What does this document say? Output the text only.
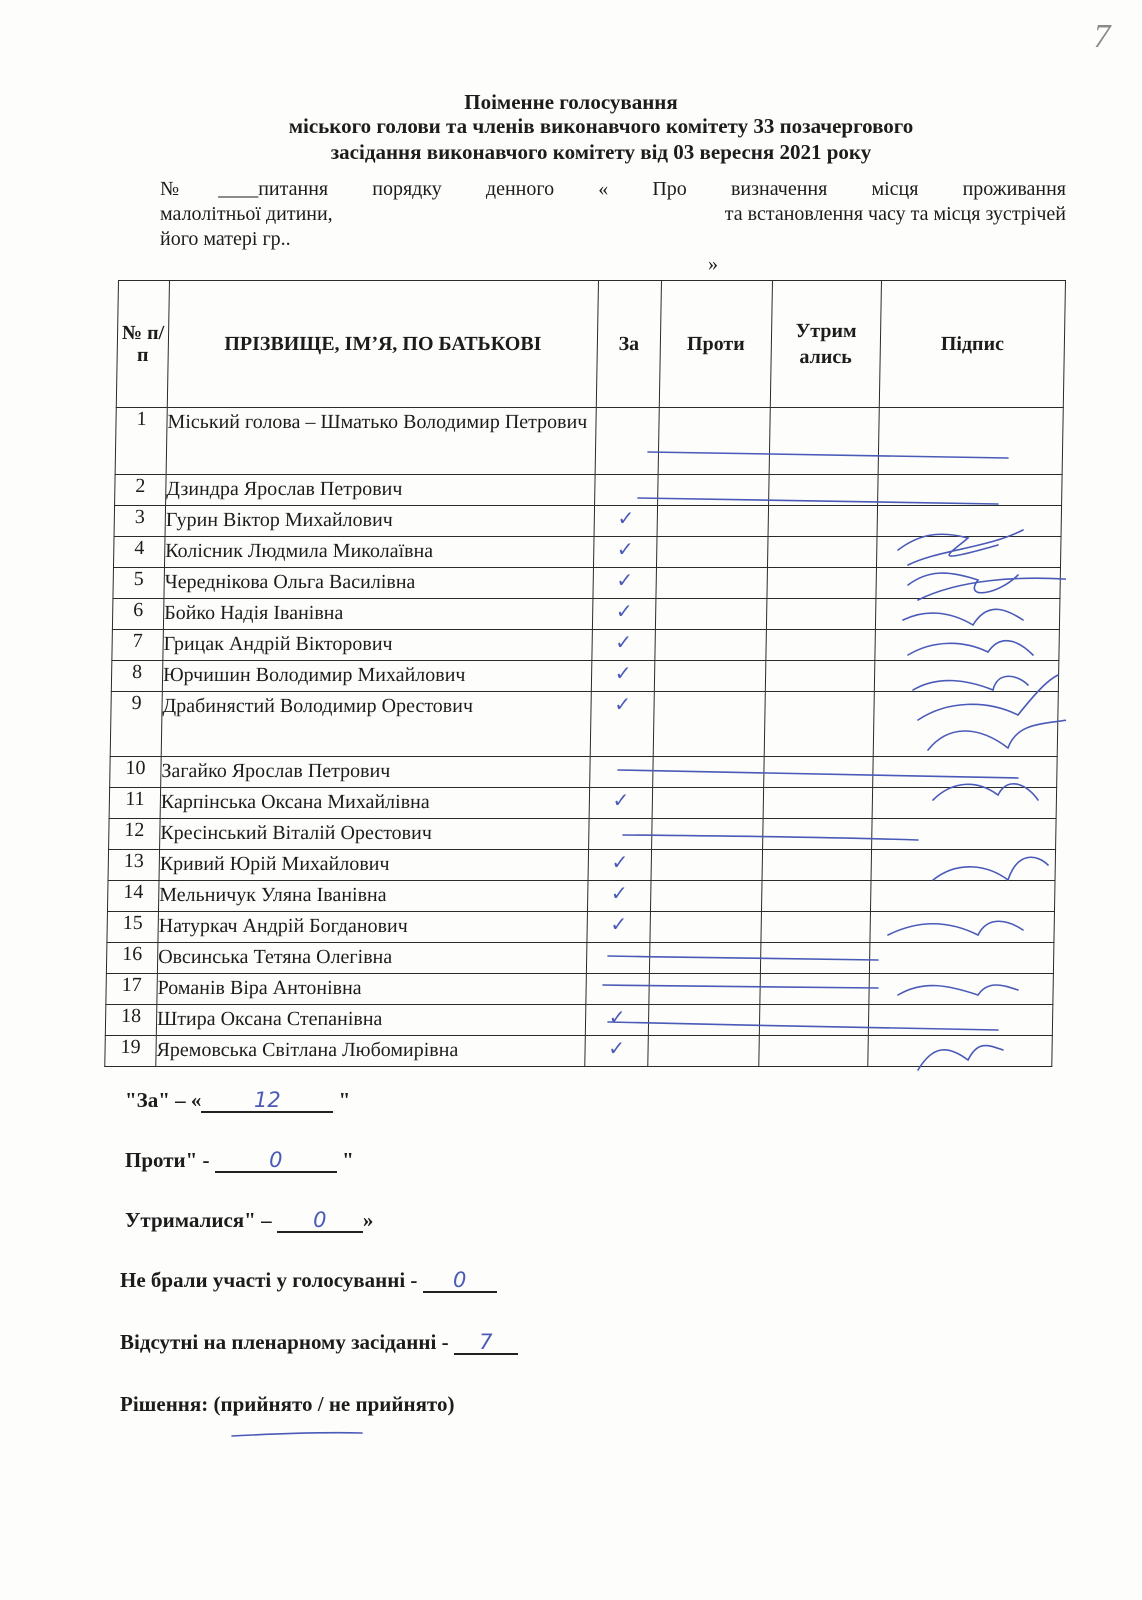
7
Поіменне голосування
міського голови та членів виконавчого комітету 33 позачергового
засідання виконавчого комітету від 03 вересня 2021 року

№____питання порядку денного « Про визначення місця проживання

малолітньої дитини,	та встановлення часу та місця зустрічей

його матері гр..

»

№ п/п	ПРІЗВИЩЕ, ІМ’Я, ПО БАТЬКОВІ	За	Проти	Утрим ались	Підпис
1	Міський голова – Шматько Володимир Петрович				
2	Дзиндра Ярослав Петрович				
3	Гурин Віктор Михайлович	✓			
4	Колісник Людмила Миколаївна	✓			
5	Череднікова Ольга Василівна	✓			
6	Бойко Надія Іванівна	✓			
7	Грицак Андрій Вікторович	✓			
8	Юрчишин Володимир Михайлович	✓			
9	Драбинястий Володимир Орестович	✓			
10	Загайко Ярослав Петрович				
11	Карпінська Оксана Михайлівна	✓			
12	Кресінський Віталій Орестович				
13	Кривий Юрій Михайлович	✓			
14	Мельничук Уляна Іванівна	✓			
15	Натуркач Андрій Богданович	✓			
16	Овсинська Тетяна Олегівна				
17	Романів Віра Антонівна				
18	Штира Оксана Степанівна	✓			
19	Яремовська Світлана Любомирівна	✓			
"За" – «	12	"
Проти" -	0	"
Утрималися" – 0 »
Не брали участі у голосуванні - 0
Відсутні на пленарному засіданні - 7
Рішення: (прийнято / не прийнято)
